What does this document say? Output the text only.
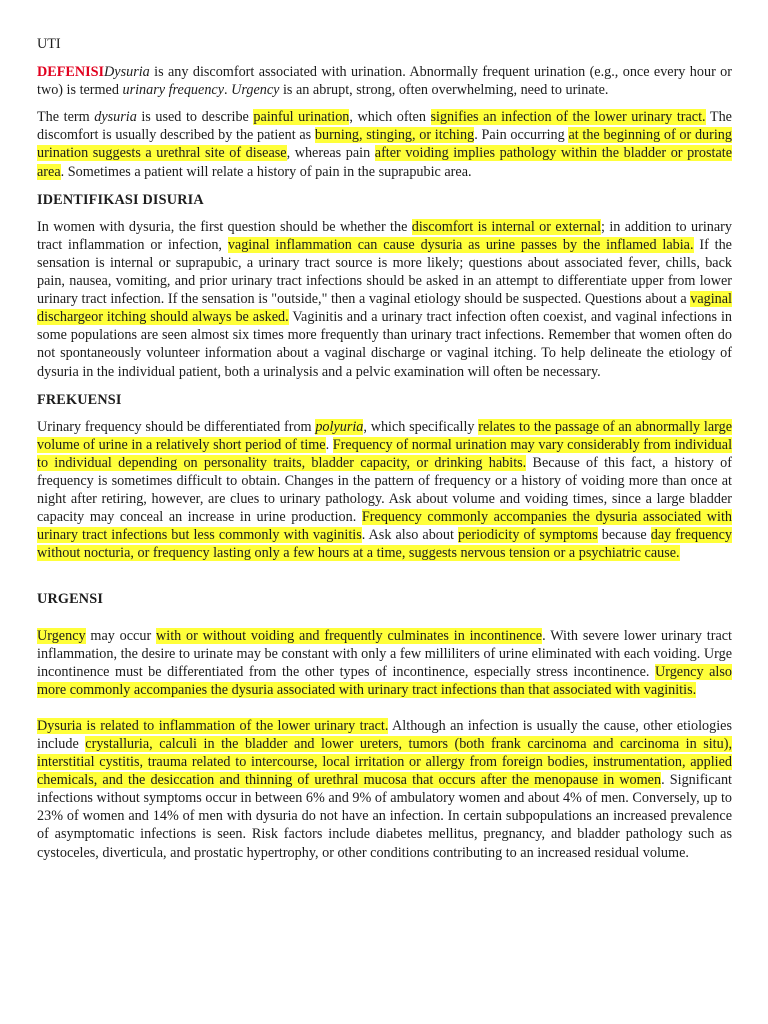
UTI

DEFENISIDysuria is any discomfort associated with urination. Abnormally frequent urination (e.g., once every hour or two) is termed urinary frequency. Urgency is an abrupt, strong, often overwhelming, need to urinate.

The term dysuria is used to describe painful urination, which often signifies an infection of the lower urinary tract. The discomfort is usually described by the patient as burning, stinging, or itching. Pain occurring at the beginning of or during urination suggests a urethral site of disease, whereas pain after voiding implies pathology within the bladder or prostate area. Sometimes a patient will relate a history of pain in the suprapubic area.

IDENTIFIKASI DISURIA

In women with dysuria, the first question should be whether the discomfort is internal or external; in addition to urinary tract inflammation or infection, vaginal inflammation can cause dysuria as urine passes by the inflamed labia. If the sensation is internal or suprapubic, a urinary tract source is more likely; questions about associated fever, chills, back pain, nausea, vomiting, and prior urinary tract infections should be asked in an attempt to differentiate upper from lower urinary tract infection. If the sensation is "outside," then a vaginal etiology should be suspected. Questions about a vaginal dischargeor itching should always be asked. Vaginitis and a urinary tract infection often coexist, and vaginal infections in some populations are seen almost six times more frequently than urinary tract infections. Remember that women often do not spontaneously volunteer information about a vaginal discharge or vaginal itching. To help delineate the etiology of dysuria in the individual patient, both a urinalysis and a pelvic examination will often be necessary.

FREKUENSI

Urinary frequency should be differentiated from polyuria, which specifically relates to the passage of an abnormally large volume of urine in a relatively short period of time. Frequency of normal urination may vary considerably from individual to individual depending on personality traits, bladder capacity, or drinking habits. Because of this fact, a history of frequency is sometimes difficult to obtain. Changes in the pattern of frequency or a history of voiding more than once at night after retiring, however, are clues to urinary pathology. Ask about volume and voiding times, since a large bladder capacity may conceal an increase in urine production. Frequency commonly accompanies the dysuria associated with urinary tract infections but less commonly with vaginitis. Ask also about periodicity of symptoms because day frequency without nocturia, or frequency lasting only a few hours at a time, suggests nervous tension or a psychiatric cause.

URGENSI

Urgency may occur with or without voiding and frequently culminates in incontinence. With severe lower urinary tract inflammation, the desire to urinate may be constant with only a few milliliters of urine eliminated with each voiding. Urge incontinence must be differentiated from the other types of incontinence, especially stress incontinence. Urgency also more commonly accompanies the dysuria associated with urinary tract infections than that associated with vaginitis.

Dysuria is related to inflammation of the lower urinary tract. Although an infection is usually the cause, other etiologies include crystalluria, calculi in the bladder and lower ureters, tumors (both frank carcinoma and carcinoma in situ), interstitial cystitis, trauma related to intercourse, local irritation or allergy from foreign bodies, instrumentation, applied chemicals, and the desiccation and thinning of urethral mucosa that occurs after the menopause in women. Significant infections without symptoms occur in between 6% and 9% of ambulatory women and about 4% of men. Conversely, up to 23% of women and 14% of men with dysuria do not have an infection. In certain subpopulations an increased prevalence of asymptomatic infections is seen. Risk factors include diabetes mellitus, pregnancy, and bladder pathology such as cystoceles, diverticula, and prostatic hypertrophy, or other conditions contributing to an increased residual volume.
